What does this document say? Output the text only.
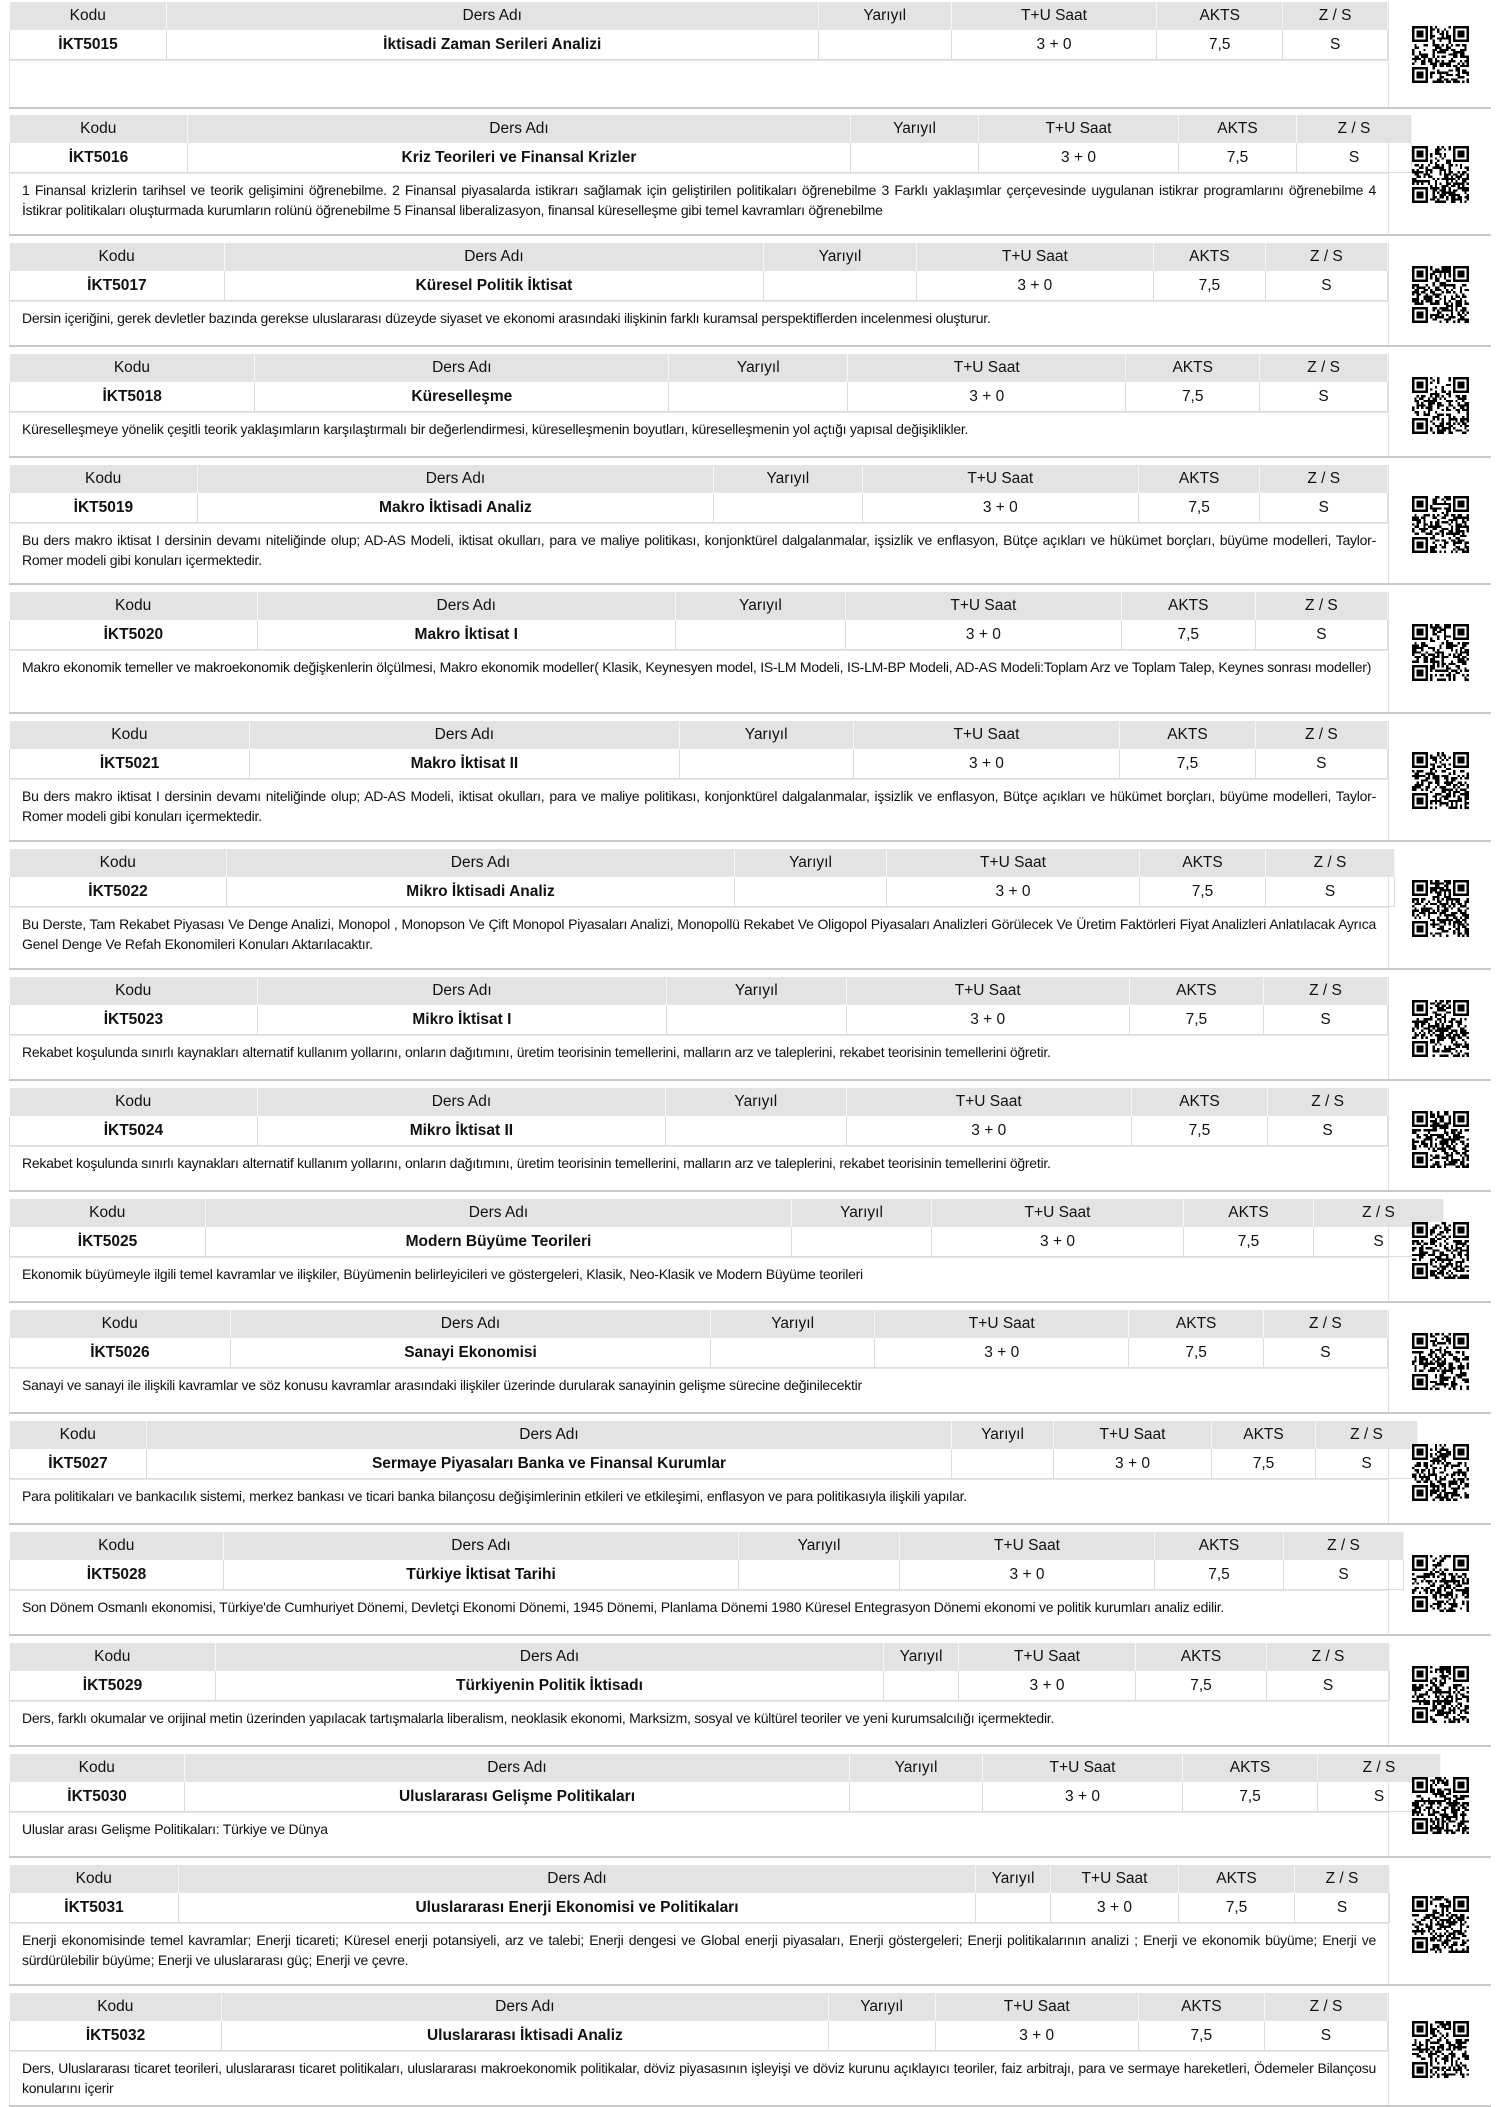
Kodu	Ders Adı	Yarıyıl	T+U Saat	AKTS	Z / S
İKT5015	İktisadi Zaman Serileri Analizi		3 + 0	7,5	S
Kodu	Ders Adı	Yarıyıl	T+U Saat	AKTS	Z / S
İKT5016	Kriz Teorileri ve Finansal Krizler		3 + 0	7,5	S
1 Finansal krizlerin tarihsel ve teorik gelişimini öğrenebilme. 2 Finansal piyasalarda istikrarı sağlamak için geliştirilen politikaları öğrenebilme 3 Farklı yaklaşımlar çerçevesinde uygulanan istikrar programlarını öğrenebilme 4 İstikrar politikaları oluşturmada kurumların rolünü öğrenebilme 5 Finansal liberalizasyon, finansal küreselleşme gibi temel kavramları öğrenebilme
Kodu	Ders Adı	Yarıyıl	T+U Saat	AKTS	Z / S
İKT5017	Küresel Politik İktisat		3 + 0	7,5	S
Dersin içeriğini, gerek devletler bazında gerekse uluslararası düzeyde siyaset ve ekonomi arasındaki ilişkinin farklı kuramsal perspektiflerden incelenmesi oluşturur.
Kodu	Ders Adı	Yarıyıl	T+U Saat	AKTS	Z / S
İKT5018	Küreselleşme		3 + 0	7,5	S
Küreselleşmeye yönelik çeşitli teorik yaklaşımların karşılaştırmalı bir değerlendirmesi, küreselleşmenin boyutları, küreselleşmenin yol açtığı yapısal değişiklikler.
Kodu	Ders Adı	Yarıyıl	T+U Saat	AKTS	Z / S
İKT5019	Makro İktisadi Analiz		3 + 0	7,5	S
Bu ders makro iktisat I dersinin devamı niteliğinde olup; AD-AS Modeli, iktisat okulları, para ve maliye politikası, konjonktürel dalgalanmalar, işsizlik ve enflasyon, Bütçe açıkları ve hükümet borçları, büyüme modelleri, Taylor-Romer modeli gibi konuları içermektedir.
Kodu	Ders Adı	Yarıyıl	T+U Saat	AKTS	Z / S
İKT5020	Makro İktisat I		3 + 0	7,5	S
Makro ekonomik temeller ve makroekonomik değişkenlerin ölçülmesi, Makro ekonomik modeller( Klasik, Keynesyen model, IS-LM Modeli, IS-LM-BP Modeli, AD-AS Modeli:Toplam Arz ve Toplam Talep, Keynes sonrası modeller)
Kodu	Ders Adı	Yarıyıl	T+U Saat	AKTS	Z / S
İKT5021	Makro İktisat II		3 + 0	7,5	S
Bu ders makro iktisat I dersinin devamı niteliğinde olup; AD-AS Modeli, iktisat okulları, para ve maliye politikası, konjonktürel dalgalanmalar, işsizlik ve enflasyon, Bütçe açıkları ve hükümet borçları, büyüme modelleri, Taylor-Romer modeli gibi konuları içermektedir.
Kodu	Ders Adı	Yarıyıl	T+U Saat	AKTS	Z / S
İKT5022	Mikro İktisadi Analiz		3 + 0	7,5	S
Bu Derste, Tam Rekabet Piyasası Ve Denge Analizi, Monopol , Monopson Ve Çift Monopol Piyasaları Analizi, Monopollü Rekabet Ve Oligopol Piyasaları Analizleri Görülecek Ve Üretim Faktörleri Fiyat Analizleri Anlatılacak Ayrıca Genel Denge Ve Refah Ekonomileri Konuları Aktarılacaktır.
Kodu	Ders Adı	Yarıyıl	T+U Saat	AKTS	Z / S
İKT5023	Mikro İktisat I		3 + 0	7,5	S
Rekabet koşulunda sınırlı kaynakları alternatif kullanım yollarını, onların dağıtımını, üretim teorisinin temellerini, malların arz ve taleplerini, rekabet teorisinin temellerini öğretir.
Kodu	Ders Adı	Yarıyıl	T+U Saat	AKTS	Z / S
İKT5024	Mikro İktisat II		3 + 0	7,5	S
Rekabet koşulunda sınırlı kaynakları alternatif kullanım yollarını, onların dağıtımını, üretim teorisinin temellerini, malların arz ve taleplerini, rekabet teorisinin temellerini öğretir.
Kodu	Ders Adı	Yarıyıl	T+U Saat	AKTS	Z / S
İKT5025	Modern Büyüme Teorileri		3 + 0	7,5	S
Ekonomik büyümeyle ilgili temel kavramlar ve ilişkiler, Büyümenin belirleyicileri ve göstergeleri, Klasik, Neo-Klasik ve Modern Büyüme teorileri
Kodu	Ders Adı	Yarıyıl	T+U Saat	AKTS	Z / S
İKT5026	Sanayi Ekonomisi		3 + 0	7,5	S
Sanayi ve sanayi ile ilişkili kavramlar ve söz konusu kavramlar arasındaki ilişkiler üzerinde durularak sanayinin gelişme sürecine değinilecektir
Kodu	Ders Adı	Yarıyıl	T+U Saat	AKTS	Z / S
İKT5027	Sermaye Piyasaları Banka ve Finansal Kurumlar		3 + 0	7,5	S
Para politikaları ve bankacılık sistemi, merkez bankası ve ticari banka bilançosu değişimlerinin etkileri ve etkileşimi, enflasyon ve para politikasıyla ilişkili yapılar.
Kodu	Ders Adı	Yarıyıl	T+U Saat	AKTS	Z / S
İKT5028	Türkiye İktisat Tarihi		3 + 0	7,5	S
Son Dönem Osmanlı ekonomisi, Türkiye'de Cumhuriyet Dönemi, Devletçi Ekonomi Dönemi, 1945 Dönemi, Planlama Dönemi 1980 Küresel Entegrasyon Dönemi ekonomi ve politik kurumları analiz edilir.
Kodu	Ders Adı	Yarıyıl	T+U Saat	AKTS	Z / S
İKT5029	Türkiyenin Politik İktisadı		3 + 0	7,5	S
Ders, farklı okumalar ve orijinal metin üzerinden yapılacak tartışmalarla liberalism, neoklasik ekonomi, Marksizm, sosyal ve kültürel teoriler ve yeni kurumsalcılığı içermektedir.
Kodu	Ders Adı	Yarıyıl	T+U Saat	AKTS	Z / S
İKT5030	Uluslararası Gelişme Politikaları		3 + 0	7,5	S
Uluslar arası Gelişme Politikaları: Türkiye ve Dünya
Kodu	Ders Adı	Yarıyıl	T+U Saat	AKTS	Z / S
İKT5031	Uluslararası Enerji Ekonomisi ve Politikaları		3 + 0	7,5	S
Enerji ekonomisinde temel kavramlar; Enerji ticareti; Küresel enerji potansiyeli, arz ve talebi; Enerji dengesi ve Global enerji piyasaları, Enerji göstergeleri; Enerji politikalarının analizi ; Enerji ve ekonomik büyüme; Enerji ve sürdürülebilir büyüme; Enerji ve uluslararası güç; Enerji ve çevre.
Kodu	Ders Adı	Yarıyıl	T+U Saat	AKTS	Z / S
İKT5032	Uluslararası İktisadi Analiz		3 + 0	7,5	S
Ders, Uluslararası ticaret teorileri, uluslararası ticaret politikaları, uluslararası makroekonomik politikalar, döviz piyasasının işleyişi ve döviz kurunu açıklayıcı teoriler, faiz arbitrajı, para ve sermaye hareketleri, Ödemeler Bilançosu konularını içerir
